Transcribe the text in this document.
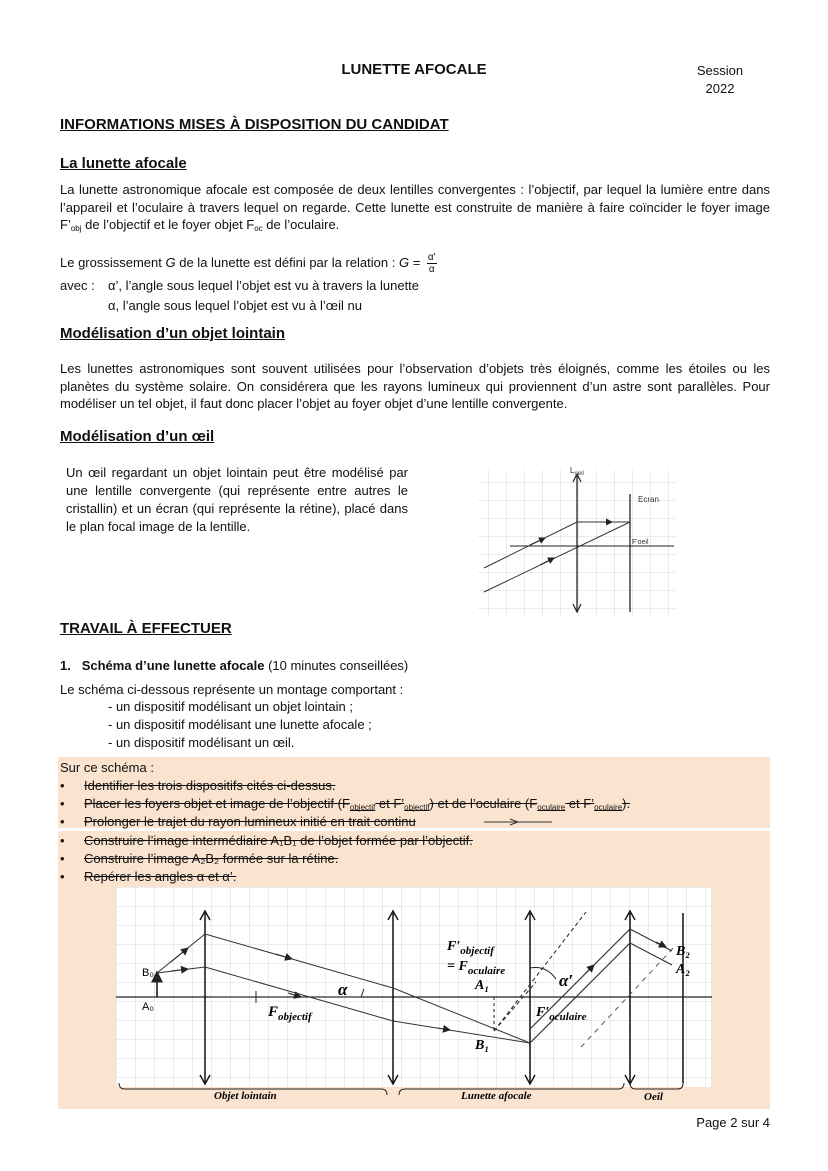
LUNETTE AFOCALE	Session
2022
INFORMATIONS MISES À DISPOSITION DU CANDIDAT
La lunette afocale
La lunette astronomique afocale est composée de deux lentilles convergentes : l’objectif, par lequel la lumière entre dans l’appareil et l’oculaire à travers lequel on regarde. Cette lunette est construite de manière à faire coïncider le foyer image $F’_{obj}$ de l’objectif et le foyer objet $F_{oc}$ de l’oculaire.
Le grossissement G de la lunette est défini par la relation : $G = \frac{\alpha'}{\alpha}$
avec : α’, l’angle sous lequel l’objet est vu à travers la lunette
α, l’angle sous lequel l’objet est vu à l’œil nu
Modélisation d’un objet lointain
Les lunettes astronomiques sont souvent utilisées pour l’observation d’objets très éloignés, comme les étoiles ou les planètes du système solaire. On considérera que les rayons lumineux qui proviennent d’un astre sont parallèles. Pour modéliser un tel objet, il faut donc placer l’objet au foyer objet d’une lentille convergente.
Modélisation d’un œil
Un œil regardant un objet lointain peut être modélisé par une lentille convergente (qui représente entre autres le cristallin) et un écran (qui représente la rétine), placé dans le plan focal image de la lentille.
$L_{oeil}$
Ecran
F'oeil
TRAVAIL À EFFECTUER
1. Schéma d’une lunette afocale (10 minutes conseillées)
Le schéma ci-dessous représente un montage comportant :
- un dispositif modélisant un objet lointain ;
- un dispositif modélisant une lunette afocale ;
- un dispositif modélisant un œil.
Sur ce schéma :
• Identifier les trois dispositifs cités ci-dessus.
• Placer les foyers objet et image de l’objectif ($F_{objectif}$ et $F’_{objectif}$) et de l’oculaire ($F_{oculaire}$ et $F’_{oculaire}$).
• Prolonger le trajet du rayon lumineux initié en trait continu
• Construire l’image intermédiaire A₁B₁ de l’objet formée par l’objectif.
• Construire l’image A₂B₂ formée sur la rétine.
• Repérer les angles α et α’.
α	α′
B₀
A₀	$F_{objectif}$
$F'_{objectif}$
= $F_{oculaire}$
A₁
B₁
$F'_{oculaire}$
B₂
A₂
Objet lointain	Lunette afocale	Oeil
Page 2 sur 4
